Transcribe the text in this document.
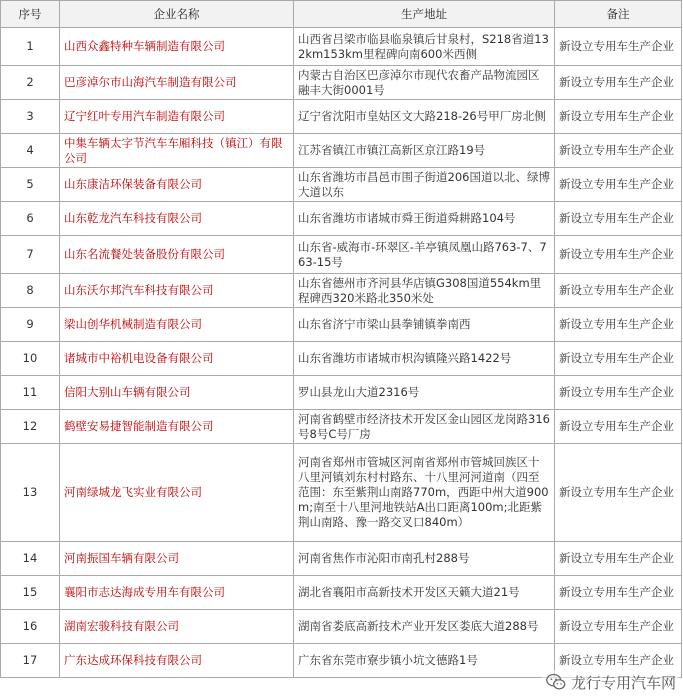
序号	企业名称	生产地址	备注
1	山西众鑫特种车辆制造有限公司	山西省吕梁市临县临泉镇后甘泉村，S218省道132km153km里程碑向南600米西侧	新设立专用车生产企业
2	巴彦淖尔市山海汽车制造有限公司	内蒙古自治区巴彦淖尔市现代农畜产品物流园区融丰大街0001号	新设立专用车生产企业
3	辽宁红叶专用汽车制造有限公司	辽宁省沈阳市皇姑区文大路218-26号甲厂房北侧	新设立专用车生产企业
4	中集车辆太字节汽车车厢科技（镇江）有限公司	江苏省镇江市镇江高新区京江路19号	新设立专用车生产企业
5	山东康洁环保装备有限公司	山东省潍坊市昌邑市围子街道206国道以北、绿博大道以东	新设立专用车生产企业
6	山东乾龙汽车科技有限公司	山东省潍坊市诸城市舜王街道舜耕路104号	新设立专用车生产企业
7	山东名流餐处装备股份有限公司	山东省-威海市-环翠区-羊亭镇凤凰山路763-7、763-15号	新设立专用车生产企业
8	山东沃尔邦汽车科技有限公司	山东省德州市齐河县华店镇G308国道554km里程碑西320米路北350米处	新设立专用车生产企业
9	梁山创华机械制造有限公司	山东省济宁市梁山县拳铺镇拳南西	新设立专用车生产企业
10	诸城市中裕机电设备有限公司	山东省潍坊市诸城市枳沟镇隆兴路1422号	新设立专用车生产企业
11	信阳大别山车辆有限公司	罗山县龙山大道2316号	新设立专用车生产企业
12	鹤壁安易捷智能制造有限公司	河南省鹤壁市经济技术开发区金山园区龙岗路316号8号C号厂房	新设立专用车生产企业
13	河南绿城龙飞实业有限公司	河南省郑州市管城区河南省郑州市管城回族区十八里河镇刘东村村路东、十八里河河道南（四至范围：东至紫荆山南路770m，西距中州大道900m;南至十八里河地铁站A出口距离100m;北距紫荆山南路、豫一路交叉口840m）	新设立专用车生产企业
14	河南振国车辆有限公司	河南省焦作市沁阳市南孔村288号	新设立专用车生产企业
15	襄阳市志达海成专用车有限公司	湖北省襄阳市高新技术开发区天籁大道21号	新设立专用车生产企业
16	湖南宏骏科技有限公司	湖南省娄底高新技术产业开发区娄底大道288号	新设立专用车生产企业
17	广东达成环保科技有限公司	广东省东莞市寮步镇小坑文德路1号	新设立专用车生产企业
龙行专用汽车网
